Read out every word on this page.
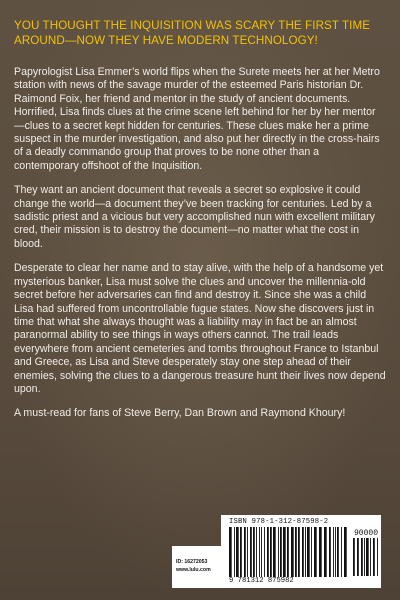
YOU THOUGHT THE INQUISITION WAS SCARY THE FIRST TIME AROUND—NOW THEY HAVE MODERN TECHNOLOGY!

Papyrologist Lisa Emmer’s world flips when the Surete meets her at her Metro station with news of the savage murder of the esteemed Paris historian Dr. Raimond Foix, her friend and mentor in the study of ancient documents. Horrified, Lisa finds clues at the crime scene left behind for her by her mentor—clues to a secret kept hidden for centuries. These clues make her a prime suspect in the murder investigation, and also put her directly in the cross-hairs of a deadly commando group that proves to be none other than a contemporary offshoot of the Inquisition.

They want an ancient document that reveals a secret so explosive it could change the world—a document they’ve been tracking for centuries. Led by a sadistic priest and a vicious but very accomplished nun with excellent military cred, their mission is to destroy the document—no matter what the cost in blood.

Desperate to clear her name and to stay alive, with the help of a handsome yet mysterious banker, Lisa must solve the clues and uncover the millennia-old secret before her adversaries can find and destroy it. Since she was a child Lisa had suffered from uncontrollable fugue states. Now she discovers just in time that what she always thought was a liability may in fact be an almost paranormal ability to see things in ways others cannot. The trail leads everywhere from ancient cemeteries and tombs throughout France to Istanbul and Greece, as Lisa and Steve desperately stay one step ahead of their enemies, solving the clues to a dangerous treasure hunt their lives now depend upon.

A must-read for fans of Steve Berry, Dan Brown and Raymond Khoury!

ID: 16272053
www.lulu.com
ISBN 978-1-312-87598-2
90000
9 781312 875982
